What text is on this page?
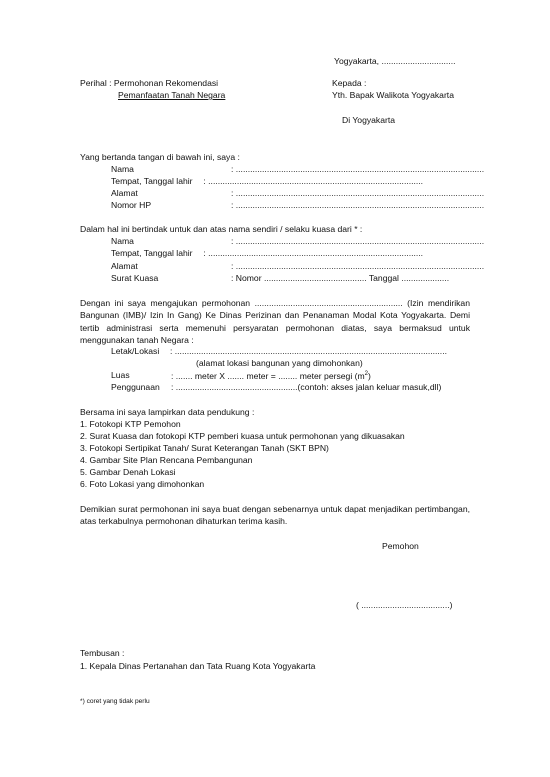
Yogyakarta, ...............................
Perihal : Permohonan Rekomendasi
Pemanfaatan Tanah Negara
Kepada :
Yth. Bapak Walikota Yogyakarta
Di Yogyakarta
Yang bertanda tangan di bawah ini, saya :
Nama	: ........................................................................................................
Tempat, Tanggal lahir : ..........................................................................................
Alamat	: ........................................................................................................
Nomor HP	: ........................................................................................................
Dalam hal ini bertindak untuk dan atas nama sendiri / selaku kuasa dari * :
Nama	: ........................................................................................................
Tempat, Tanggal lahir : ..........................................................................................
Alamat	: ........................................................................................................
Surat Kuasa	: Nomor ........................................... Tanggal ....................
Dengan ini saya mengajukan permohonan .............................................................. (Izin mendirikan Bangunan (IMB)/ Izin In Gang) Ke Dinas Perizinan dan Penanaman Modal Kota Yogyakarta. Demi tertib administrasi serta memenuhi persyaratan permohonan diatas, saya bermaksud untuk menggunakan tanah Negara :
Letak/Lokasi : ..................................................................................................................
(alamat lokasi bangunan yang dimohonkan)
Luas	: ....... meter X ....... meter = ........ meter persegi $(m^2)$
Penggunaan : ...................................................(contoh: akses jalan keluar masuk,dll)
Bersama ini saya lampirkan data pendukung :
1. Fotokopi KTP Pemohon
2. Surat Kuasa dan fotokopi KTP pemberi kuasa untuk permohonan yang dikuasakan
3. Fotokopi Sertipikat Tanah/ Surat Keterangan Tanah (SKT BPN)
4. Gambar Site Plan Rencana Pembangunan
5. Gambar Denah Lokasi
6. Foto Lokasi yang dimohonkan
Demikian surat permohonan ini saya buat dengan sebenarnya untuk dapat menjadikan pertimbangan, atas terkabulnya permohonan dihaturkan terima kasih.
Pemohon
( .....................................)
Tembusan :
1. Kepala Dinas Pertanahan dan Tata Ruang Kota Yogyakarta
*) coret yang tidak perlu
